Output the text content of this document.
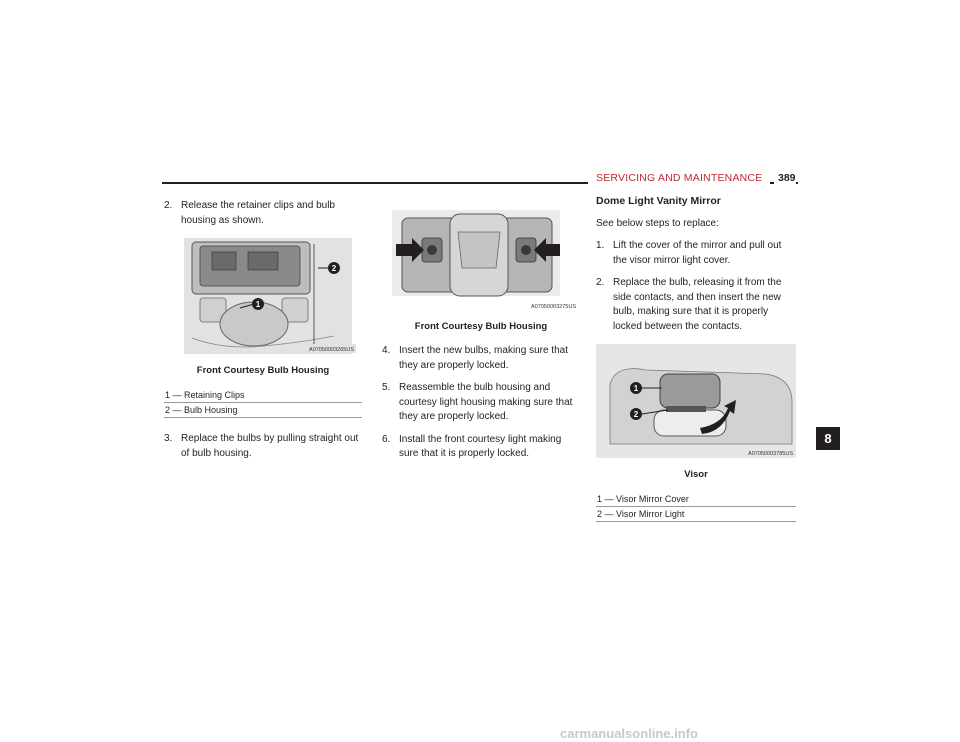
SERVICING AND MAINTENANCE	389
2. Release the retainer clips and bulb housing as shown.
2
1
A07050003265US
Front Courtesy Bulb Housing
1 — Retaining Clips
2 — Bulb Housing
3. Replace the bulbs by pulling straight out of bulb housing.
A07050003275US
Front Courtesy Bulb Housing
4. Insert the new bulbs, making sure that they are properly locked.
5. Reassemble the bulb housing and courtesy light housing making sure that they are properly locked.
6. Install the front courtesy light making sure that it is properly locked.
Dome Light Vanity Mirror
See below steps to replace:
1. Lift the cover of the mirror and pull out the visor mirror light cover.
2. Replace the bulb, releasing it from the side contacts, and then insert the new bulb, making sure that it is properly locked between the contacts.
1
2
A07050003785US
Visor
1 — Visor Mirror Cover
2 — Visor Mirror Light
8
carmanualsonline.info
